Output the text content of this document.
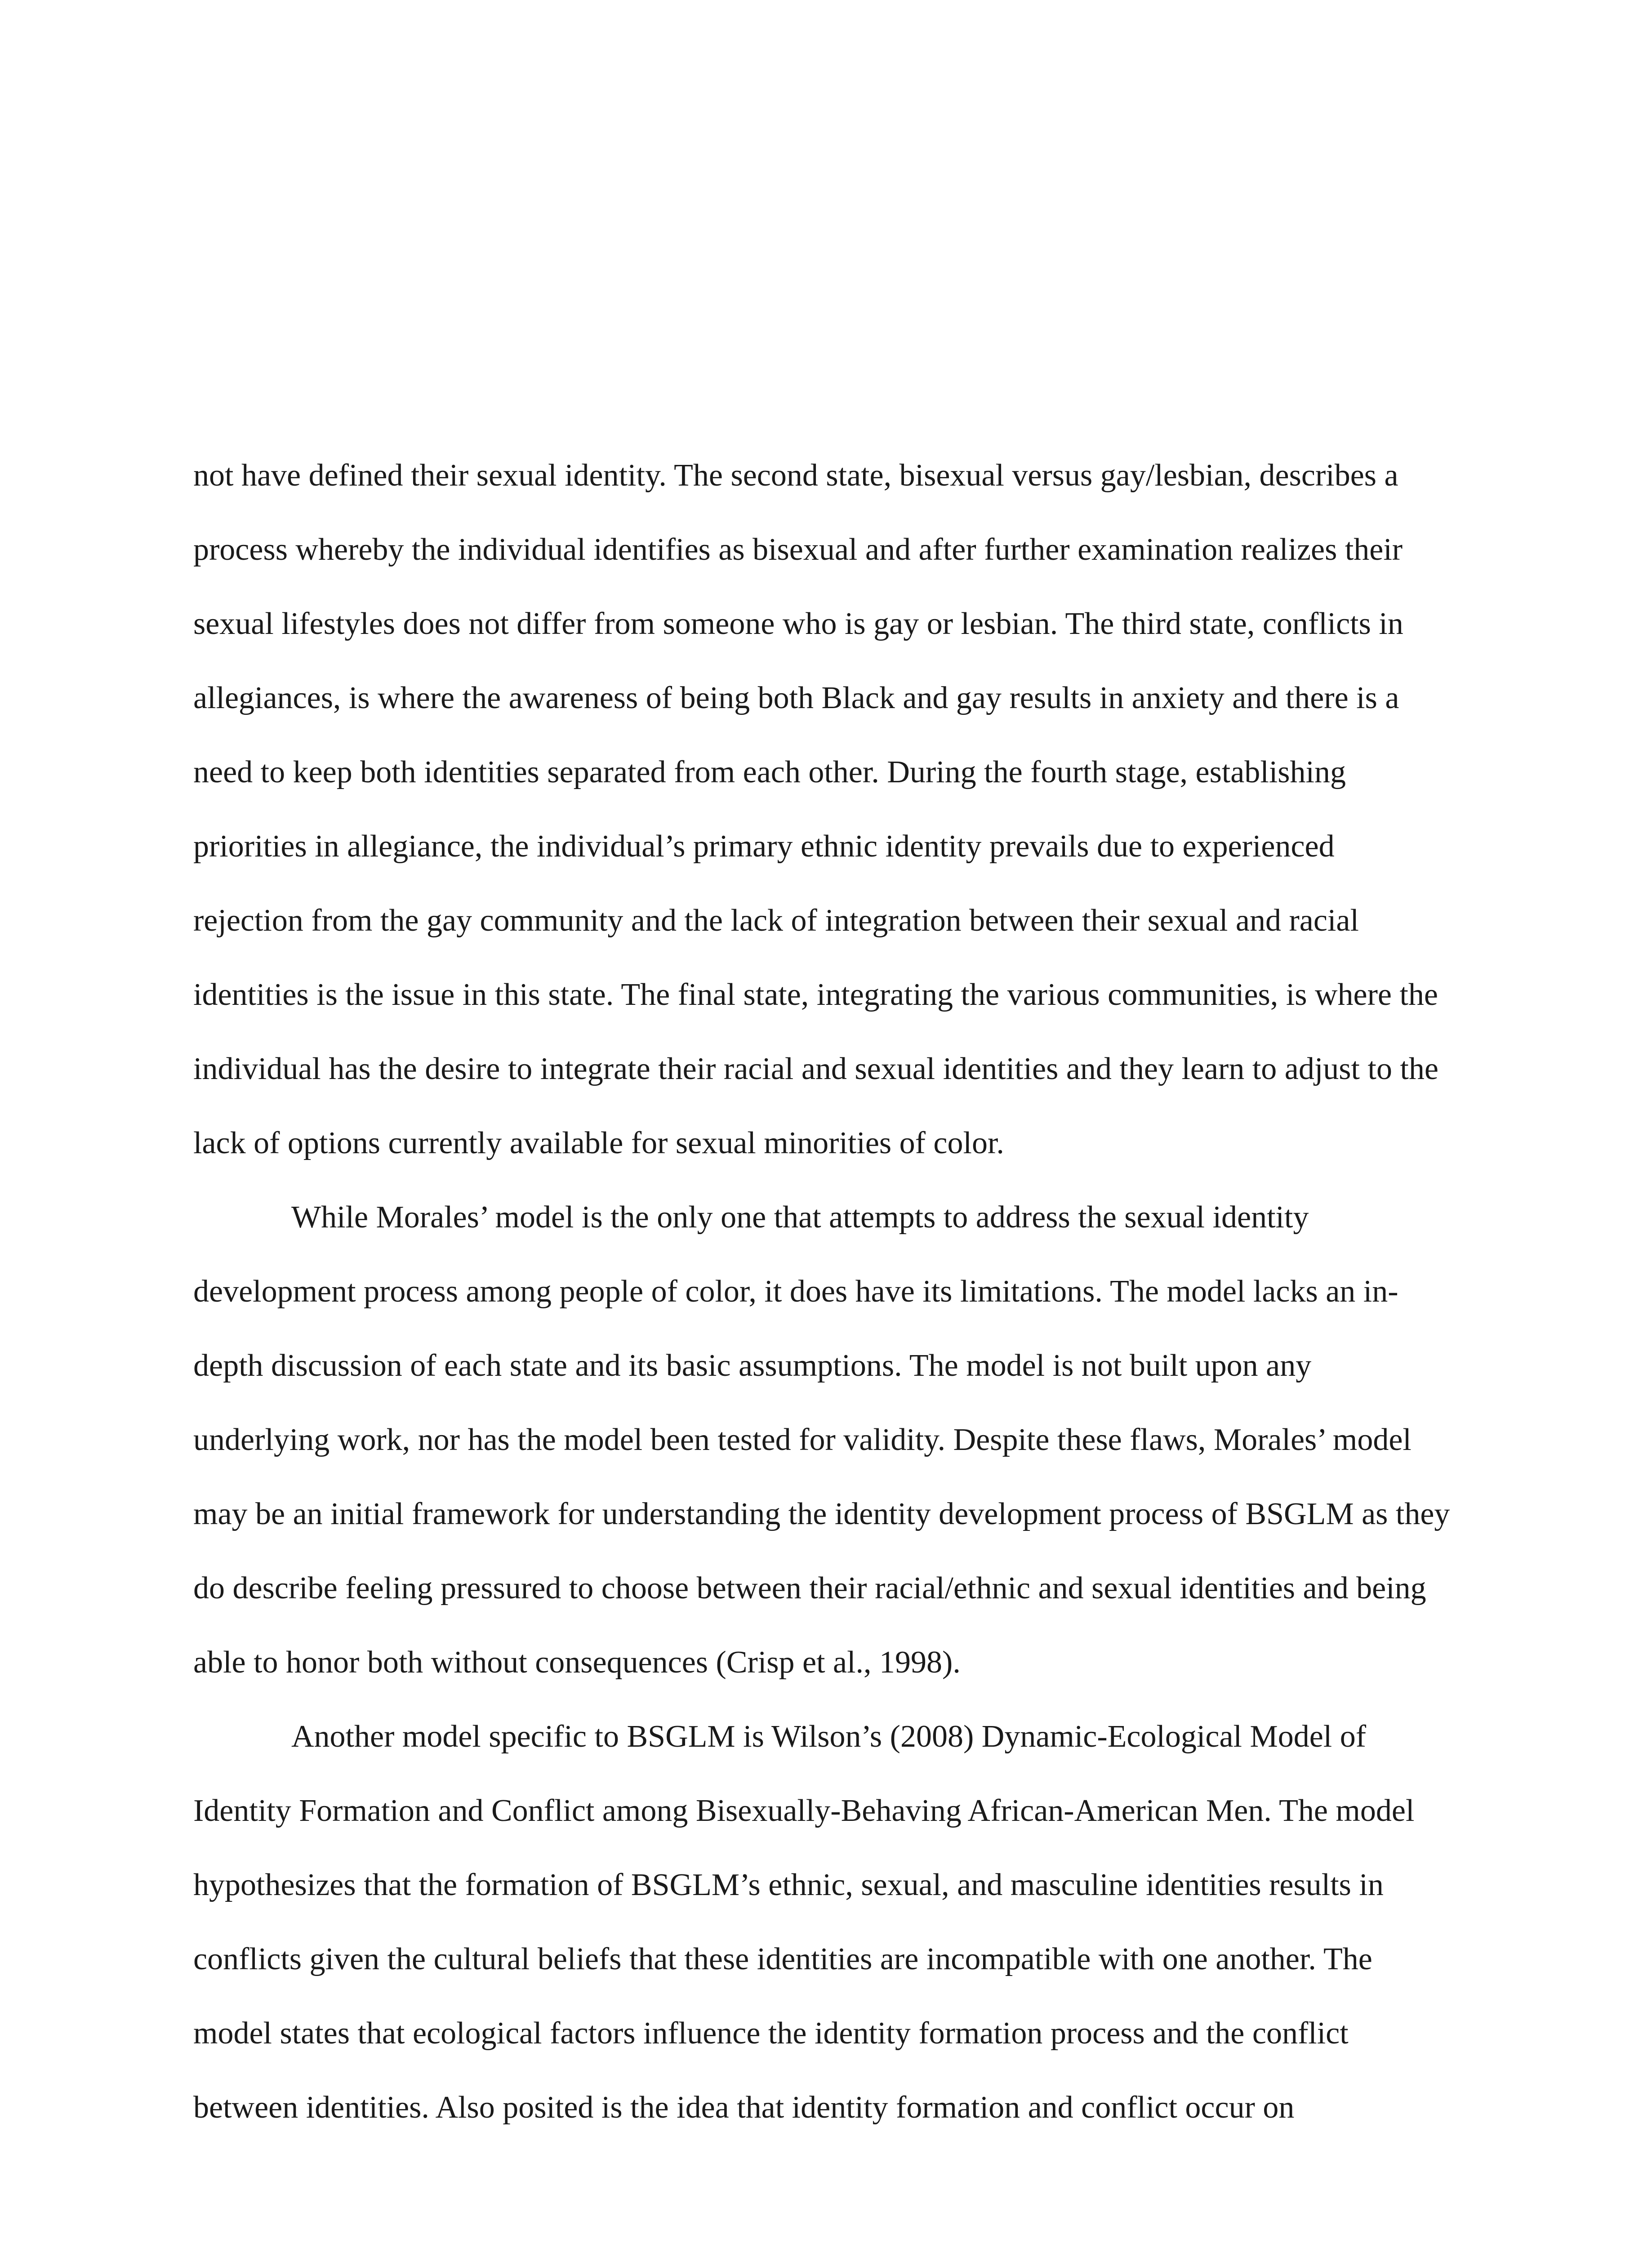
not have defined their sexual identity. The second state, bisexual versus gay/lesbian, describes a process whereby the individual identifies as bisexual and after further examination realizes their sexual lifestyles does not differ from someone who is gay or lesbian. The third state, conflicts in allegiances, is where the awareness of being both Black and gay results in anxiety and there is a need to keep both identities separated from each other. During the fourth stage, establishing priorities in allegiance, the individual’s primary ethnic identity prevails due to experienced rejection from the gay community and the lack of integration between their sexual and racial identities is the issue in this state. The final state, integrating the various communities, is where the individual has the desire to integrate their racial and sexual identities and they learn to adjust to the lack of options currently available for sexual minorities of color.

While Morales’ model is the only one that attempts to address the sexual identity development process among people of color, it does have its limitations. The model lacks an in-depth discussion of each state and its basic assumptions. The model is not built upon any underlying work, nor has the model been tested for validity. Despite these flaws, Morales’ model may be an initial framework for understanding the identity development process of BSGLM as they do describe feeling pressured to choose between their racial/ethnic and sexual identities and being able to honor both without consequences (Crisp et al., 1998).

Another model specific to BSGLM is Wilson’s (2008) Dynamic-Ecological Model of Identity Formation and Conflict among Bisexually-Behaving African-American Men. The model hypothesizes that the formation of BSGLM’s ethnic, sexual, and masculine identities results in conflicts given the cultural beliefs that these identities are incompatible with one another. The model states that ecological factors influence the identity formation process and the conflict between identities. Also posited is the idea that identity formation and conflict occur on
